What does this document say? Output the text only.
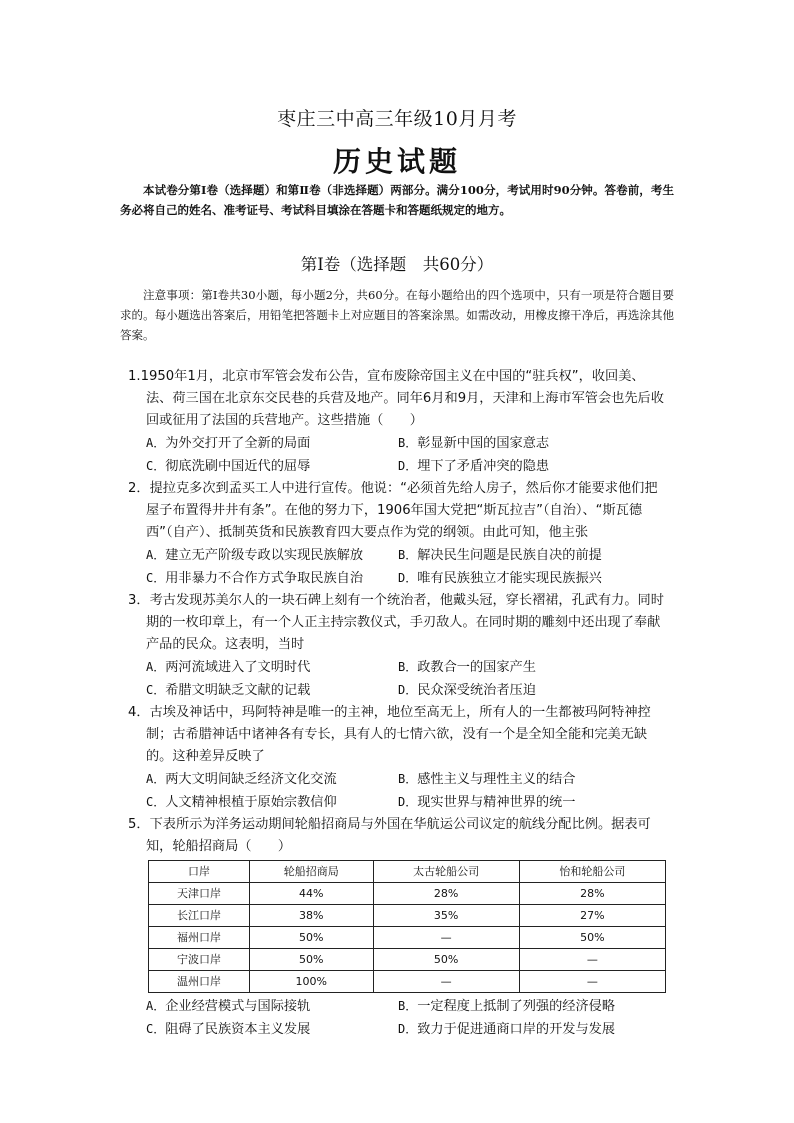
枣庄三中高三年级10月月考
历史试题
本试卷分第Ⅰ卷（选择题）和第Ⅱ卷（非选择题）两部分。满分100分，考试用时90分钟。答卷前，考生务必将自己的姓名、准考证号、考试科目填涂在答题卡和答题纸规定的地方。
第Ⅰ卷（选择题　共60分）
注意事项：第Ⅰ卷共30小题，每小题2分，共60分。在每小题给出的四个选项中，只有一项是符合题目要求的。每小题选出答案后，用铅笔把答题卡上对应题目的答案涂黑。如需改动，用橡皮擦干净后，再选涂其他答案。
1.1950年1月，北京市军管会发布公告，宣布废除帝国主义在中国的“驻兵权”，收回美、法、荷三国在北京东交民巷的兵营及地产。同年6月和9月，天津和上海市军管会也先后收回或征用了法国的兵营地产。这些措施（　　）
A．为外交打开了全新的局面	B．彰显新中国的国家意志
C．彻底洗刷中国近代的屈辱	D．埋下了矛盾冲突的隐患
2．提拉克多次到孟买工人中进行宣传。他说：“必须首先给人房子，然后你才能要求他们把屋子布置得井井有条”。在他的努力下，1906年国大党把“斯瓦拉吉”（自治）、“斯瓦德西”（自产）、抵制英货和民族教育四大要点作为党的纲领。由此可知，他主张
A．建立无产阶级专政以实现民族解放	B．解决民生问题是民族自决的前提
C．用非暴力不合作方式争取民族自治	D．唯有民族独立才能实现民族振兴
3．考古发现苏美尔人的一块石碑上刻有一个统治者，他戴头冠，穿长褶裙，孔武有力。同时期的一枚印章上，有一个人正主持宗教仪式，手刃敌人。在同时期的雕刻中还出现了奉献产品的民众。这表明，当时
A．两河流域进入了文明时代	B．政教合一的国家产生
C．希腊文明缺乏文献的记载	D．民众深受统治者压迫
4．古埃及神话中，玛阿特神是唯一的主神，地位至高无上，所有人的一生都被玛阿特神控制；古希腊神话中诸神各有专长，具有人的七情六欲，没有一个是全知全能和完美无缺的。这种差异反映了
A．两大文明间缺乏经济文化交流	B．感性主义与理性主义的结合
C．人文精神根植于原始宗教信仰	D．现实世界与精神世界的统一
5．下表所示为洋务运动期间轮船招商局与外国在华航运公司议定的航线分配比例。据表可知，轮船招商局（　　）
口岸	轮船招商局	太古轮船公司	怡和轮船公司
天津口岸	44%	28%	28%
长江口岸	38%	35%	27%
福州口岸	50%	—	50%
宁波口岸	50%	50%	—
温州口岸	100%	—	—
A．企业经营模式与国际接轨	B．一定程度上抵制了列强的经济侵略
C．阻碍了民族资本主义发展	D．致力于促进通商口岸的开发与发展
